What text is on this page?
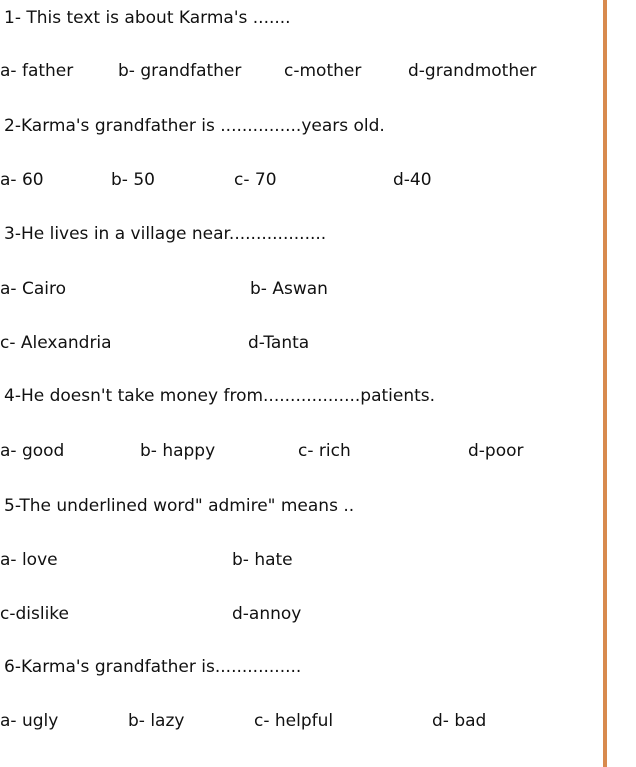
1- This text is about Karma's .......
a- father	b- grandfather	c-mother	d-grandmother
2-Karma's grandfather is ...............years old.
a- 60	b- 50	c- 70	d-40
3-He lives in a village near..................
a- Cairo	b- Aswan
c- Alexandria	d-Tanta
4-He doesn't take money from..................patients.
a- good	b- happy	c- rich	d-poor
5-The underlined word" admire" means ..
a- love	b- hate
c-dislike	d-annoy
6-Karma's grandfather is................
a- ugly	b- lazy	c- helpful	d- bad
